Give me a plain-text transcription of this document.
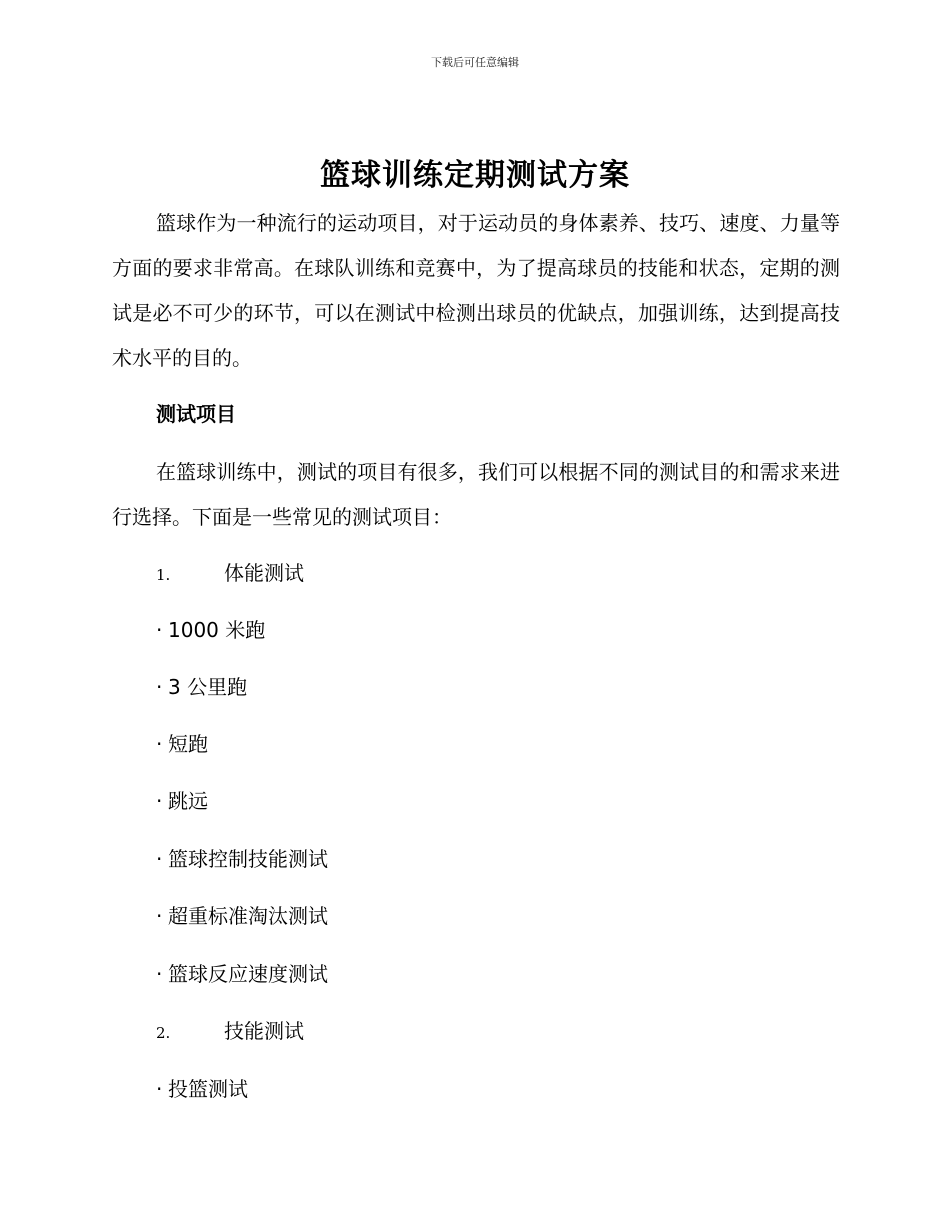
下载后可任意编辑
篮球训练定期测试方案

篮球作为一种流行的运动项目，对于运动员的身体素养、技巧、速度、力量等方面的要求非常高。在球队训练和竞赛中，为了提高球员的技能和状态，定期的测试是必不可少的环节，可以在测试中检测出球员的优缺点，加强训练，达到提高技术水平的目的。

测试项目

在篮球训练中，测试的项目有很多，我们可以根据不同的测试目的和需求来进行选择。下面是一些常见的测试项目：

1.	体能测试
· 1000 米跑
· 3 公里跑
· 短跑
· 跳远
· 篮球控制技能测试
· 超重标准淘汰测试
· 篮球反应速度测试
2.	技能测试
· 投篮测试
